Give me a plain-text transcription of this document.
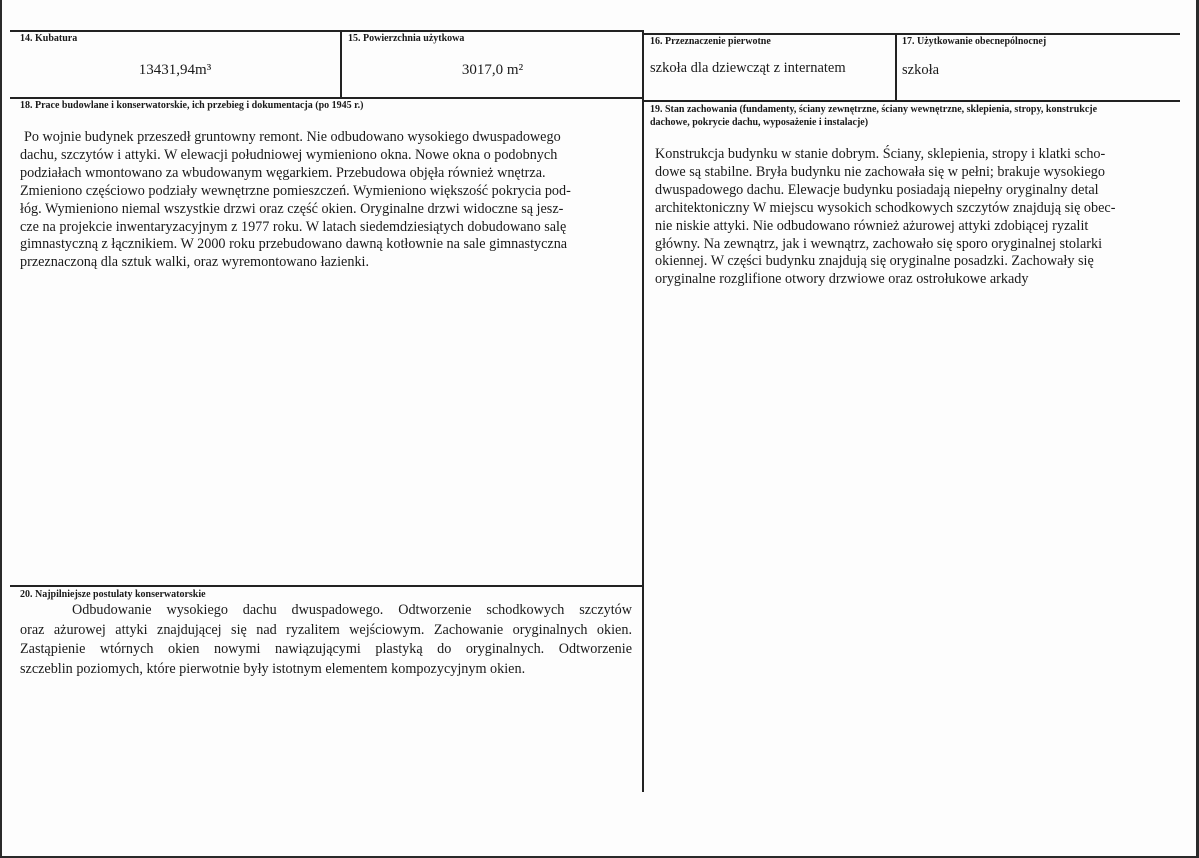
14. Kubatura
13431,94m³
15. Powierzchnia użytkowa
3017,0 m²
16. Przeznaczenie pierwotne
szkoła dla dziewcząt z internatem
17. Użytkowanie obecnepólnocnej
szkoła
18. Prace budowlane i konserwatorskie, ich przebieg i dokumentacja (po 1945 r.)
Po wojnie budynek przeszedł gruntowny remont. Nie odbudowano wysokiego dwuspadowego
dachu, szczytów i attyki. W elewacji południowej wymieniono okna. Nowe okna o podobnych
podziałach wmontowano za wbudowanym węgarkiem. Przebudowa objęła również wnętrza.
Zmieniono częściowo podziały wewnętrzne pomieszczeń. Wymieniono większość pokrycia pod-
łóg. Wymieniono niemal wszystkie drzwi oraz część okien. Oryginalne drzwi widoczne są jesz-
cze na projekcie inwentaryzacyjnym z 1977 roku. W latach siedemdziesiątych dobudowano salę
gimnastyczną z łącznikiem. W 2000 roku przebudowano dawną kotłownie na sale gimnastyczna
przeznaczoną dla sztuk walki, oraz wyremontowano łazienki.
19. Stan zachowania (fundamenty, ściany zewnętrzne, ściany wewnętrzne, sklepienia, stropy, konstrukcje
dachowe, pokrycie dachu, wyposażenie i instalacje)
Konstrukcja budynku w stanie dobrym. Ściany, sklepienia, stropy i klatki scho-
dowe są stabilne. Bryła budynku nie zachowała się w pełni; brakuje wysokiego
dwuspadowego dachu. Elewacje budynku posiadają niepełny oryginalny detal
architektoniczny W miejscu wysokich schodkowych szczytów znajdują się obec-
nie niskie attyki. Nie odbudowano również ażurowej attyki zdobiącej ryzalit
główny. Na zewnątrz, jak i wewnątrz, zachowało się sporo oryginalnej stolarki
okiennej. W części budynku znajdują się oryginalne posadzki. Zachowały się
oryginalne rozglifione otwory drzwiowe oraz ostrołukowe arkady
20. Najpilniejsze postulaty konserwatorskie
Odbudowanie wysokiego dachu dwuspadowego. Odtworzenie schodkowych szczytów
oraz ażurowej attyki znajdującej się nad ryzalitem wejściowym. Zachowanie oryginalnych okien.
Zastąpienie wtórnych okien nowymi nawiązującymi plastyką do oryginalnych. Odtworzenie
szczeblin poziomych, które pierwotnie były istotnym elementem kompozycyjnym okien.
